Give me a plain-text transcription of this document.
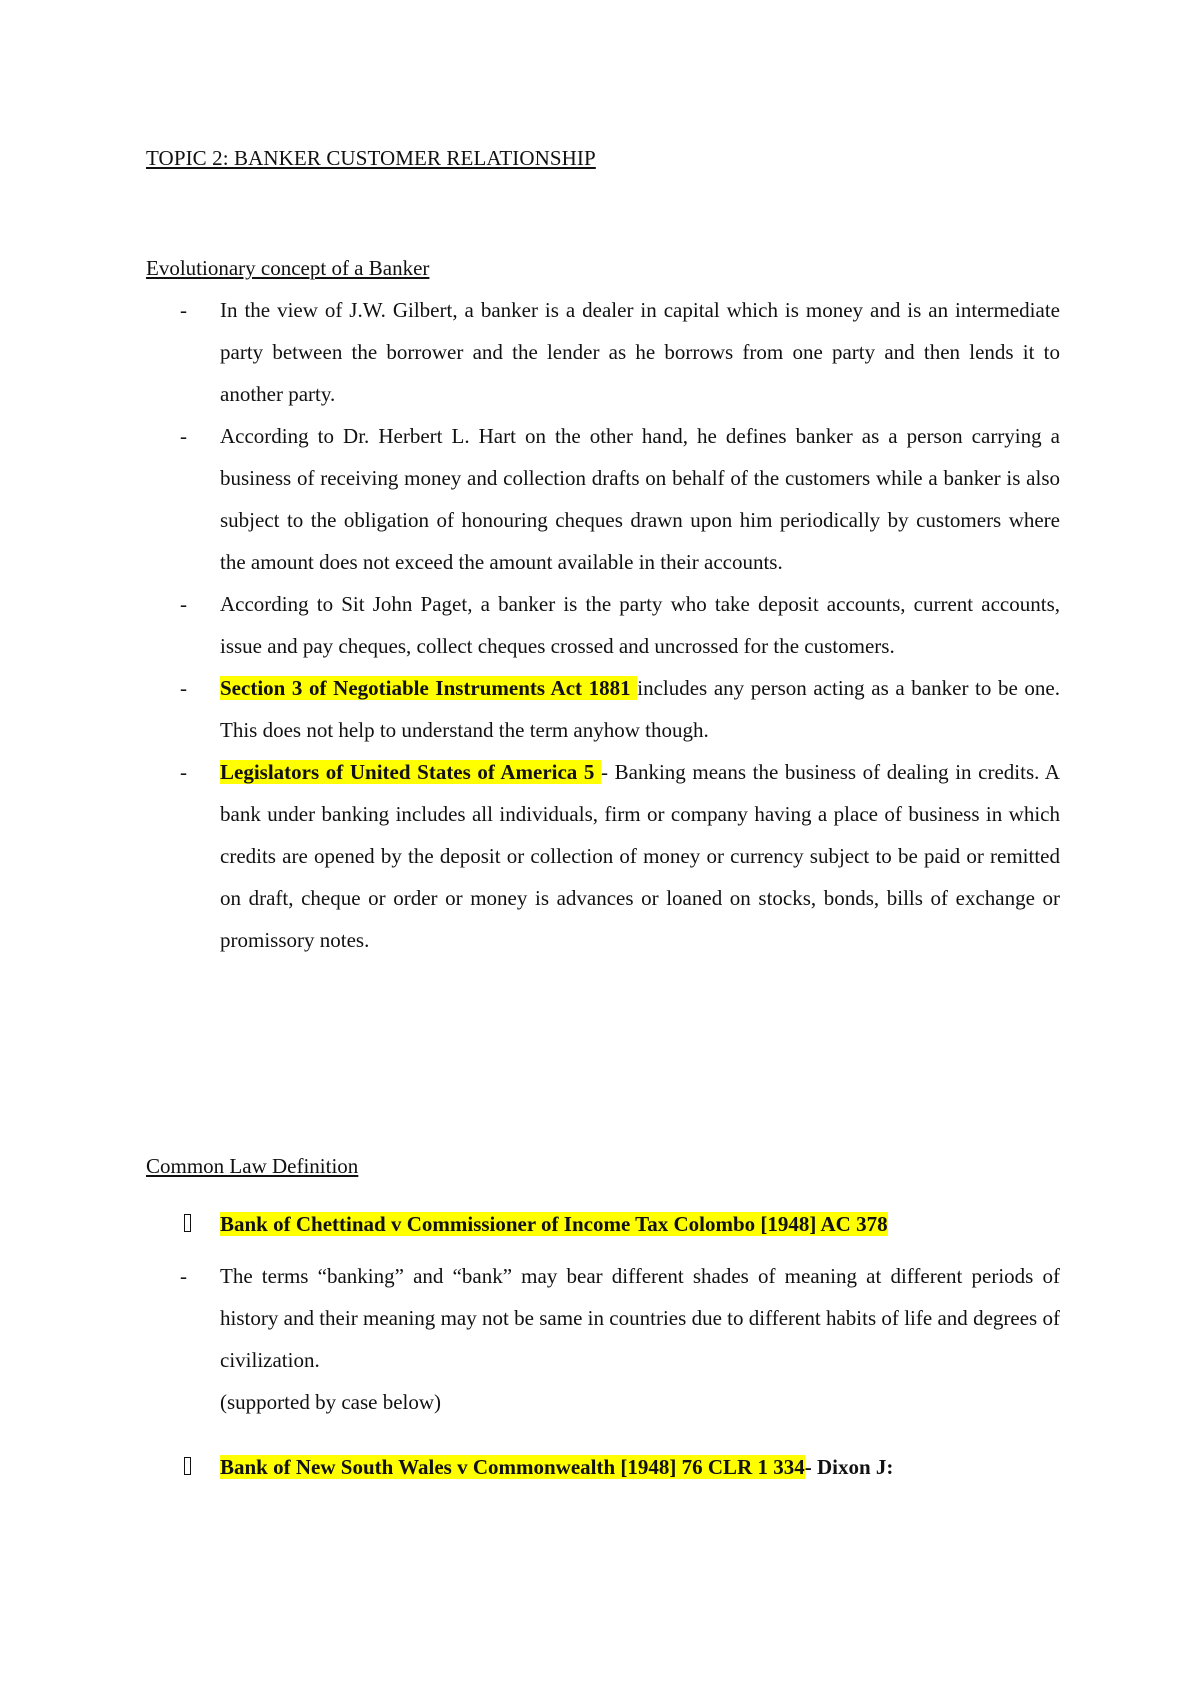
TOPIC 2: BANKER CUSTOMER RELATIONSHIP
Evolutionary concept of a Banker
- In the view of J.W. Gilbert, a banker is a dealer in capital which is money and is an intermediate party between the borrower and the lender as he borrows from one party and then lends it to another party.
- According to Dr. Herbert L. Hart on the other hand, he defines banker as a person carrying a business of receiving money and collection drafts on behalf of the customers while a banker is also subject to the obligation of honouring cheques drawn upon him periodically by customers where the amount does not exceed the amount available in their accounts.
- According to Sit John Paget, a banker is the party who take deposit accounts, current accounts, issue and pay cheques, collect cheques crossed and uncrossed for the customers.
- Section 3 of Negotiable Instruments Act 1881 includes any person acting as a banker to be one. This does not help to understand the term anyhow though.
- Legislators of United States of America 5 - Banking means the business of dealing in credits. A bank under banking includes all individuals, firm or company having a place of business in which credits are opened by the deposit or collection of money or currency subject to be paid or remitted on draft, cheque or order or money is advances or loaned on stocks, bonds, bills of exchange or promissory notes.
Common Law Definition
Bank of Chettinad v Commissioner of Income Tax Colombo [1948] AC 378
- The terms “banking” and “bank” may bear different shades of meaning at different periods of history and their meaning may not be same in countries due to different habits of life and degrees of civilization.
(supported by case below)
Bank of New South Wales v Commonwealth [1948] 76 CLR 1 334- Dixon J:
